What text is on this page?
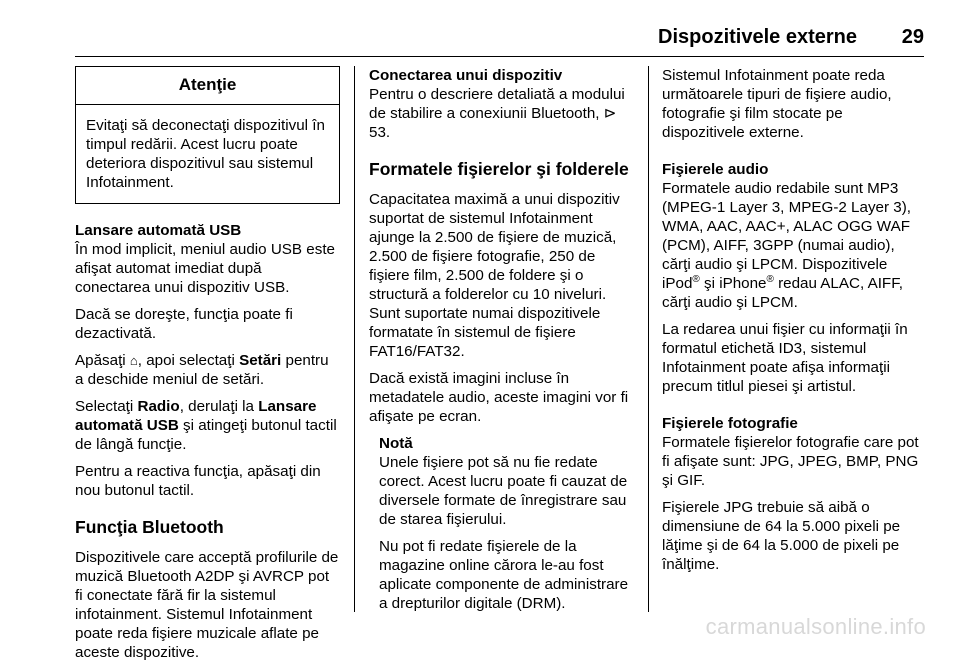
Dispozitivele externe 29
Atenţie
Evitaţi să deconectaţi dispozitivul în timpul redării. Acest lucru poate deteriora dispozitivul sau sistemul Infotainment.
Lansare automată USB

În mod implicit, meniul audio USB este afişat automat imediat după conectarea unui dispozitiv USB.

Dacă se doreşte, funcţia poate fi dezactivată.

Apăsaţi ⌂, apoi selectaţi Setări pentru a deschide meniul de setări.

Selectaţi Radio, derulaţi la Lansare automată USB şi atingeţi butonul tactil de lângă funcţie.

Pentru a reactiva funcţia, apăsaţi din nou butonul tactil.

Funcţia Bluetooth

Dispozitivele care acceptă profilurile de muzică Bluetooth A2DP şi AVRCP pot fi conectate fără fir la sistemul infotainment. Sistemul Infotainment poate reda fişiere muzicale aflate pe aceste dispozitive.

Conectarea unui dispozitiv

Pentru o descriere detaliată a modului de stabilire a conexiunii Bluetooth, ⊳ 53.

Formatele fişierelor şi folderele

Capacitatea maximă a unui dispozitiv suportat de sistemul Infotainment ajunge la 2.500 de fişiere de muzică, 2.500 de fişiere fotografie, 250 de fişiere film, 2.500 de foldere şi o structură a folderelor cu 10 niveluri. Sunt suportate numai dispozitivele formatate în sistemul de fişiere FAT16/FAT32.

Dacă există imagini incluse în metadatele audio, aceste imagini vor fi afişate pe ecran.

Notă

Unele fişiere pot să nu fie redate corect. Acest lucru poate fi cauzat de diversele formate de înregistrare sau de starea fişierului.

Nu pot fi redate fişierele de la magazine online cărora le-au fost aplicate componente de administrare a drepturilor digitale (DRM).

Sistemul Infotainment poate reda următoarele tipuri de fişiere audio, fotografie şi film stocate pe dispozitivele externe.

Fişierele audio

Formatele audio redabile sunt MP3 (MPEG-1 Layer 3, MPEG-2 Layer 3), WMA, AAC, AAC+, ALAC OGG WAF (PCM), AIFF, 3GPP (numai audio), cărţi audio şi LPCM. Dispozitivele iPod® şi iPhone® redau ALAC, AIFF, cărţi audio şi LPCM.

La redarea unui fişier cu informaţii în formatul etichetă ID3, sistemul Infotainment poate afişa informaţii precum titlul piesei şi artistul.

Fişierele fotografie

Formatele fişierelor fotografie care pot fi afişate sunt: JPG, JPEG, BMP, PNG şi GIF.

Fişierele JPG trebuie să aibă o dimensiune de 64 la 5.000 pixeli pe lăţime şi de 64 la 5.000 de pixeli pe înălţime.

carmanualsonline.info
